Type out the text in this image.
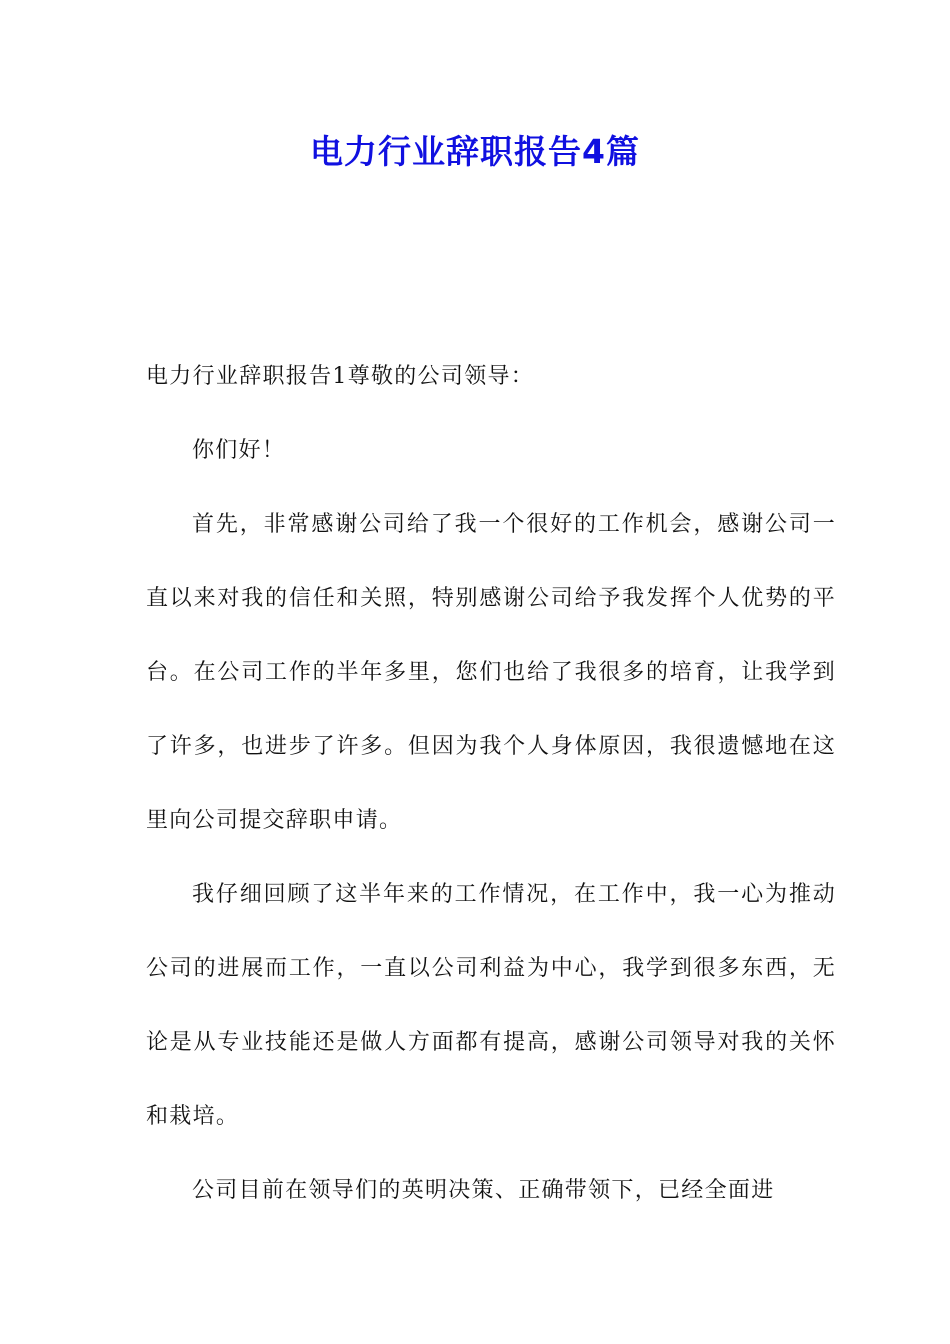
电力行业辞职报告4篇

电力行业辞职报告1尊敬的公司领导：

你们好！

首先，非常感谢公司给了我一个很好的工作机会，感谢公司一直以来对我的信任和关照，特别感谢公司给予我发挥个人优势的平台。在公司工作的半年多里，您们也给了我很多的培育，让我学到了许多，也进步了许多。但因为我个人身体原因，我很遗憾地在这里向公司提交辞职申请。

我仔细回顾了这半年来的工作情况，在工作中，我一心为推动公司的进展而工作，一直以公司利益为中心，我学到很多东西，无论是从专业技能还是做人方面都有提高，感谢公司领导对我的关怀和栽培。

公司目前在领导们的英明决策、正确带领下，已经全面进
